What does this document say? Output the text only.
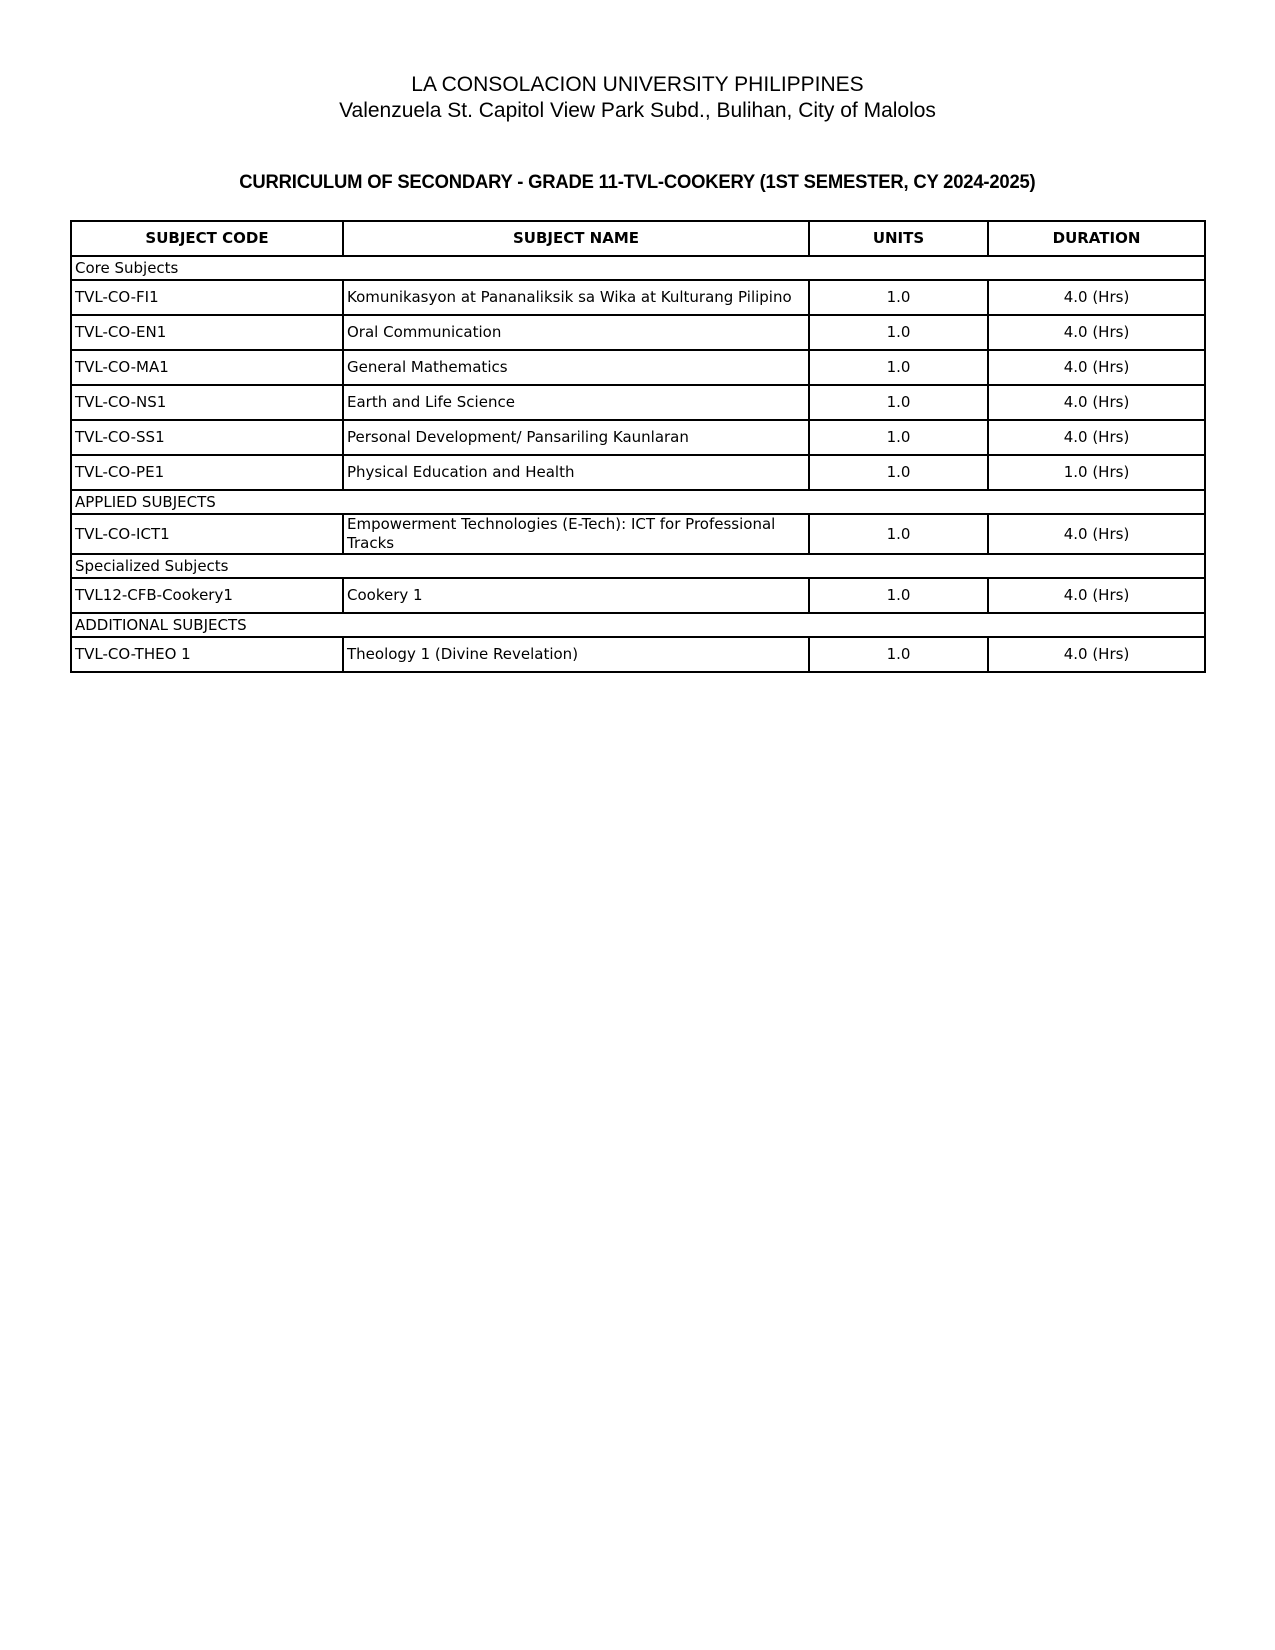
LA CONSOLACION UNIVERSITY PHILIPPINES
Valenzuela St. Capitol View Park Subd., Bulihan, City of Malolos
CURRICULUM OF SECONDARY - GRADE 11-TVL-COOKERY (1ST SEMESTER, CY 2024-2025)
SUBJECT CODE	SUBJECT NAME	UNITS	DURATION
Core Subjects			
TVL-CO-FI1	Komunikasyon at Pananaliksik sa Wika at Kulturang Pilipino	1.0	4.0 (Hrs)
TVL-CO-EN1	Oral Communication	1.0	4.0 (Hrs)
TVL-CO-MA1	General Mathematics	1.0	4.0 (Hrs)
TVL-CO-NS1	Earth and Life Science	1.0	4.0 (Hrs)
TVL-CO-SS1	Personal Development/ Pansariling Kaunlaran	1.0	4.0 (Hrs)
TVL-CO-PE1	Physical Education and Health	1.0	1.0 (Hrs)
APPLIED SUBJECTS			
TVL-CO-ICT1	Empowerment Technologies (E-Tech): ICT for Professional Tracks	1.0	4.0 (Hrs)
Specialized Subjects			
TVL12-CFB-Cookery1	Cookery 1	1.0	4.0 (Hrs)
ADDITIONAL SUBJECTS			
TVL-CO-THEO 1	Theology 1 (Divine Revelation)	1.0	4.0 (Hrs)
